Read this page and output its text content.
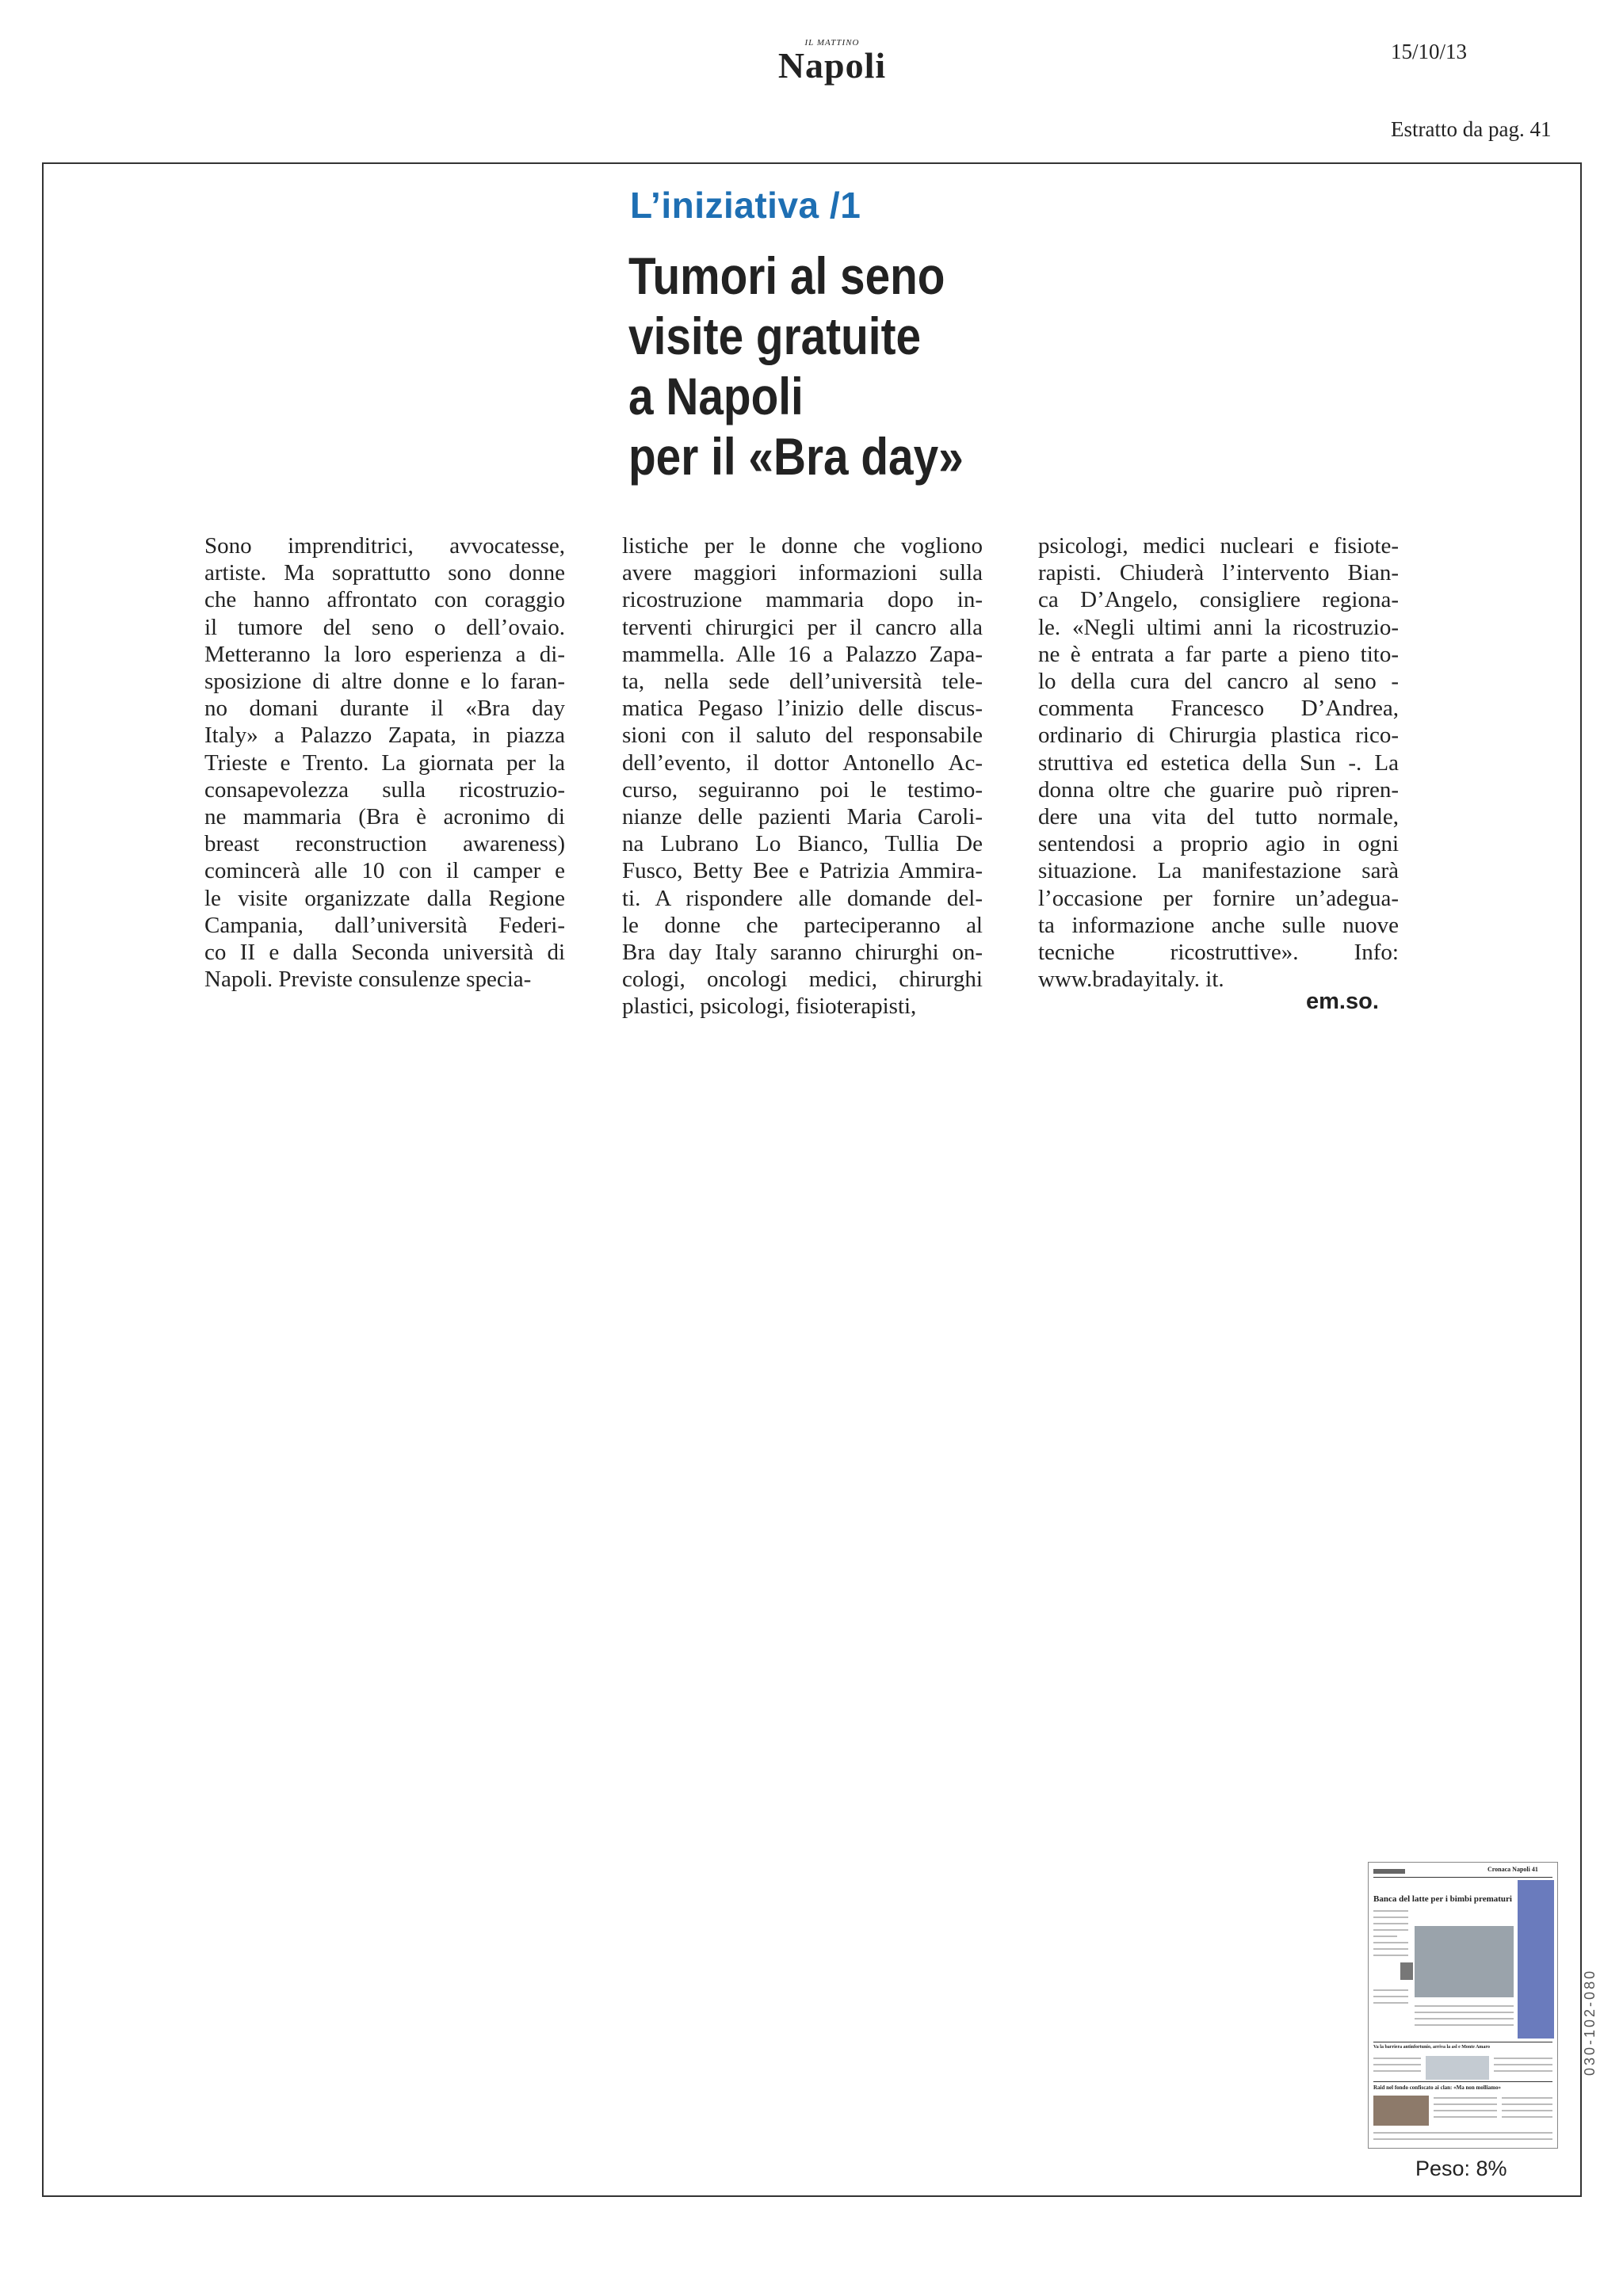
IL MATTINO
Napoli	15/10/13
Estratto da pag. 41
L’iniziativa /1
Tumori al seno
visite gratuite
a Napoli
per il «Bra day»
Sono imprenditrici, avvocatesse,
artiste. Ma soprattutto sono donne
che hanno affrontato con coraggio
il tumore del seno o dell’ovaio.
Metteranno la loro esperienza a di-
sposizione di altre donne e lo faran-
no domani durante il «Bra day
Italy» a Palazzo Zapata, in piazza
Trieste e Trento. La giornata per la
consapevolezza sulla ricostruzio-
ne mammaria (Bra è acronimo di
breast reconstruction awareness)
comincerà alle 10 con il camper e
le visite organizzate dalla Regione
Campania, dall’università Federi-
co II e dalla Seconda università di
Napoli. Previste consulenze specia-
listiche per le donne che vogliono
avere maggiori informazioni sulla
ricostruzione mammaria dopo in-
terventi chirurgici per il cancro alla
mammella. Alle 16 a Palazzo Zapa-
ta, nella sede dell’università tele-
matica Pegaso l’inizio delle discus-
sioni con il saluto del responsabile
dell’evento, il dottor Antonello Ac-
curso, seguiranno poi le testimo-
nianze delle pazienti Maria Caroli-
na Lubrano Lo Bianco, Tullia De
Fusco, Betty Bee e Patrizia Ammira-
ti. A rispondere alle domande del-
le donne che parteciperanno al
Bra day Italy saranno chirurghi on-
cologi, oncologi medici, chirurghi
plastici, psicologi, fisioterapisti,
psicologi, medici nucleari e fisiote-
rapisti. Chiuderà l’intervento Bian-
ca D’Angelo, consigliere regiona-
le. «Negli ultimi anni la ricostruzio-
ne è entrata a far parte a pieno tito-
lo della cura del cancro al seno -
commenta Francesco D’Andrea,
ordinario di Chirurgia plastica rico-
struttiva ed estetica della Sun -. La
donna oltre che guarire può ripren-
dere una vita del tutto normale,
sentendosi a proprio agio in ogni
situazione. La manifestazione sarà
l’occasione per fornire un’adegua-
ta informazione anche sulle nuove
tecniche ricostruttive». Info:
www.bradayitaly. it.
em.so.
Cronaca Napoli 41
Banca del latte per i bimbi prematuri
Va la barriera antinfortunio, arriva la asl e Monte Amaro
Raid nel fondo confiscato ai clan: «Ma non molliamo»
Peso: 8%
030-102-080
